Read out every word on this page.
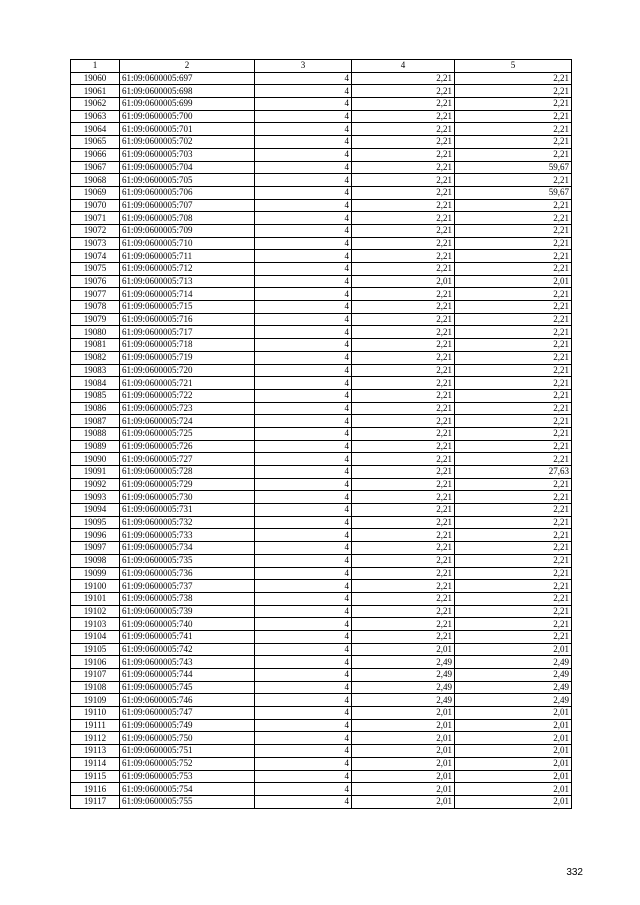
1	2	3	4	5
19060	61:09:0600005:697	4	2,21	2,21
19061	61:09:0600005:698	4	2,21	2,21
19062	61:09:0600005:699	4	2,21	2,21
19063	61:09:0600005:700	4	2,21	2,21
19064	61:09:0600005:701	4	2,21	2,21
19065	61:09:0600005:702	4	2,21	2,21
19066	61:09:0600005:703	4	2,21	2,21
19067	61:09:0600005:704	4	2,21	59,67
19068	61:09:0600005:705	4	2,21	2,21
19069	61:09:0600005:706	4	2,21	59,67
19070	61:09:0600005:707	4	2,21	2,21
19071	61:09:0600005:708	4	2,21	2,21
19072	61:09:0600005:709	4	2,21	2,21
19073	61:09:0600005:710	4	2,21	2,21
19074	61:09:0600005:711	4	2,21	2,21
19075	61:09:0600005:712	4	2,21	2,21
19076	61:09:0600005:713	4	2,01	2,01
19077	61:09:0600005:714	4	2,21	2,21
19078	61:09:0600005:715	4	2,21	2,21
19079	61:09:0600005:716	4	2,21	2,21
19080	61:09:0600005:717	4	2,21	2,21
19081	61:09:0600005:718	4	2,21	2,21
19082	61:09:0600005:719	4	2,21	2,21
19083	61:09:0600005:720	4	2,21	2,21
19084	61:09:0600005:721	4	2,21	2,21
19085	61:09:0600005:722	4	2,21	2,21
19086	61:09:0600005:723	4	2,21	2,21
19087	61:09:0600005:724	4	2,21	2,21
19088	61:09:0600005:725	4	2,21	2,21
19089	61:09:0600005:726	4	2,21	2,21
19090	61:09:0600005:727	4	2,21	2,21
19091	61:09:0600005:728	4	2,21	27,63
19092	61:09:0600005:729	4	2,21	2,21
19093	61:09:0600005:730	4	2,21	2,21
19094	61:09:0600005:731	4	2,21	2,21
19095	61:09:0600005:732	4	2,21	2,21
19096	61:09:0600005:733	4	2,21	2,21
19097	61:09:0600005:734	4	2,21	2,21
19098	61:09:0600005:735	4	2,21	2,21
19099	61:09:0600005:736	4	2,21	2,21
19100	61:09:0600005:737	4	2,21	2,21
19101	61:09:0600005:738	4	2,21	2,21
19102	61:09:0600005:739	4	2,21	2,21
19103	61:09:0600005:740	4	2,21	2,21
19104	61:09:0600005:741	4	2,21	2,21
19105	61:09:0600005:742	4	2,01	2,01
19106	61:09:0600005:743	4	2,49	2,49
19107	61:09:0600005:744	4	2,49	2,49
19108	61:09:0600005:745	4	2,49	2,49
19109	61:09:0600005:746	4	2,49	2,49
19110	61:09:0600005:747	4	2,01	2,01
19111	61:09:0600005:749	4	2,01	2,01
19112	61:09:0600005:750	4	2,01	2,01
19113	61:09:0600005:751	4	2,01	2,01
19114	61:09:0600005:752	4	2,01	2,01
19115	61:09:0600005:753	4	2,01	2,01
19116	61:09:0600005:754	4	2,01	2,01
19117	61:09:0600005:755	4	2,01	2,01
332
